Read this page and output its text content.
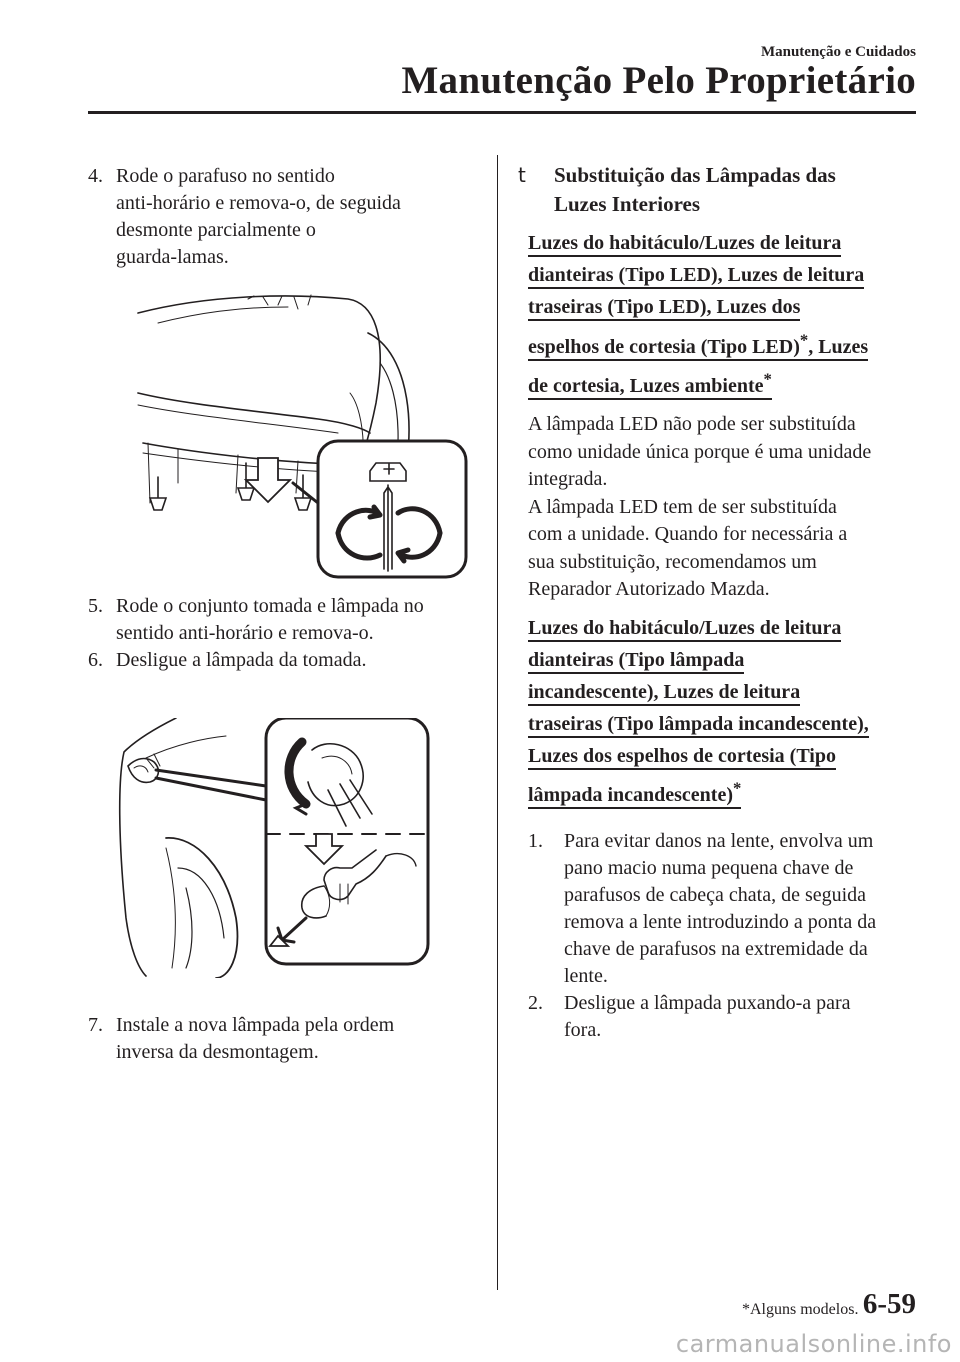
Manutenção e Cuidados
Manutenção Pelo Proprietário
4. Rode o parafuso no sentido
anti-horário e remova-o, de seguida
desmonte parcialmente o
guarda-lamas.
5. Rode o conjunto tomada e lâmpada no
sentido anti-horário e remova-o.
6. Desligue a lâmpada da tomada.
7. Instale a nova lâmpada pela ordem
inversa da desmontagem.
t Substituição das Lâmpadas das
Luzes Interiores
Luzes do habitáculo/Luzes de leitura
dianteiras (Tipo LED), Luzes de leitura
traseiras (Tipo LED), Luzes dos
espelhos de cortesia (Tipo LED)*, Luzes
de cortesia, Luzes ambiente*
A lâmpada LED não pode ser substituída
como unidade única porque é uma unidade
integrada.
A lâmpada LED tem de ser substituída
com a unidade. Quando for necessária a
sua substituição, recomendamos um
Reparador Autorizado Mazda.
Luzes do habitáculo/Luzes de leitura
dianteiras (Tipo lâmpada
incandescente), Luzes de leitura
traseiras (Tipo lâmpada incandescente),
Luzes dos espelhos de cortesia (Tipo
lâmpada incandescente)*
1. Para evitar danos na lente, envolva um
pano macio numa pequena chave de
parafusos de cabeça chata, de seguida
remova a lente introduzindo a ponta da
chave de parafusos na extremidade da
lente.
2. Desligue a lâmpada puxando-a para
fora.
*Alguns modelos. 6-59
carmanualsonline.info
